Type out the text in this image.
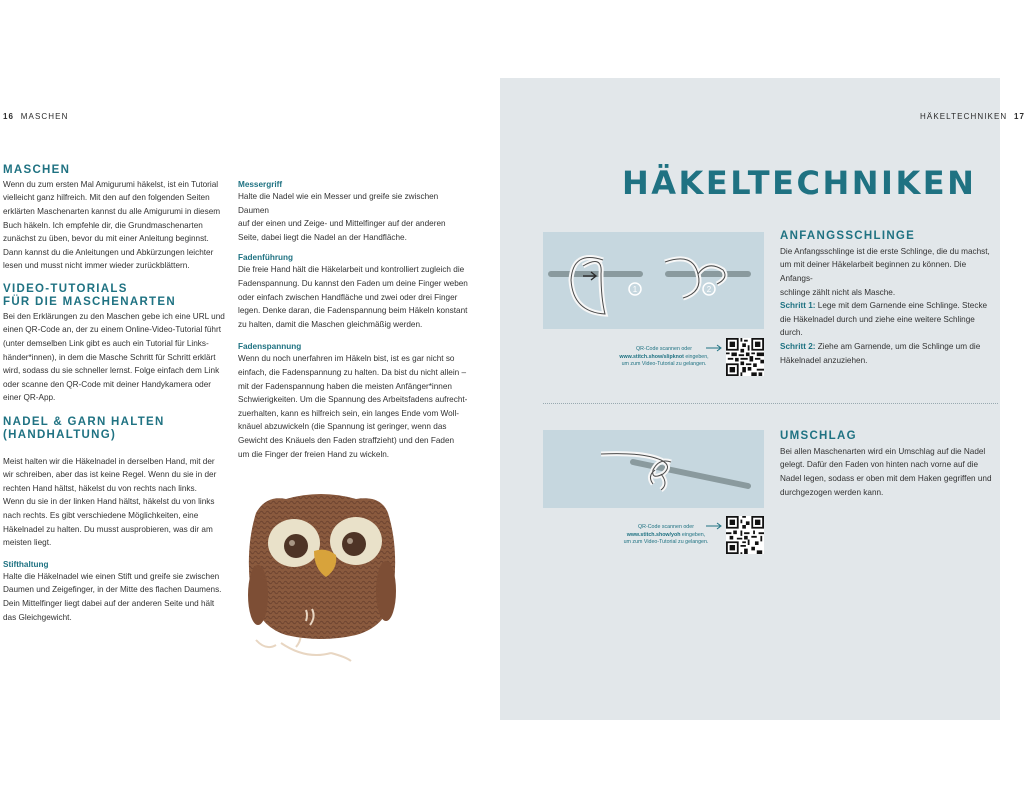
16 MASCHEN	HÄKELTECHNIKEN 17
MASCHEN
Wenn du zum ersten Mal Amigurumi häkelst, ist ein Tutorial
vielleicht ganz hilfreich. Mit den auf den folgenden Seiten
erklärten Maschenarten kannst du alle Amigurumi in diesem
Buch häkeln. Ich empfehle dir, die Grundmaschenarten
zunächst zu üben, bevor du mit einer Anleitung beginnst.
Dann kannst du die Anleitungen und Abkürzungen leichter
lesen und musst nicht immer wieder zurückblättern.
VIDEO-TUTORIALS
FÜR DIE MASCHENARTEN
Bei den Erklärungen zu den Maschen gebe ich eine URL und
einen QR-Code an, der zu einem Online-Video-Tutorial führt
(unter demselben Link gibt es auch ein Tutorial für Links-
händer*innen), in dem die Masche Schritt für Schritt erklärt
wird, sodass du sie schneller lernst. Folge einfach dem Link
oder scanne den QR-Code mit deiner Handykamera oder
einer QR-App.
NADEL & GARN HALTEN
(HANDHALTUNG)
Meist halten wir die Häkelnadel in derselben Hand, mit der
wir schreiben, aber das ist keine Regel. Wenn du sie in der
rechten Hand hältst, häkelst du von rechts nach links.
Wenn du sie in der linken Hand hältst, häkelst du von links
nach rechts. Es gibt verschiedene Möglichkeiten, eine
Häkelnadel zu halten. Du musst ausprobieren, was dir am
meisten liegt.
Stifthaltung
Halte die Häkelnadel wie einen Stift und greife sie zwischen
Daumen und Zeigefinger, in der Mitte des flachen Daumens.
Dein Mittelfinger liegt dabei auf der anderen Seite und hält
das Gleichgewicht.
Messergriff
Halte die Nadel wie ein Messer und greife sie zwischen Daumen
auf der einen und Zeige- und Mittelfinger auf der anderen
Seite, dabei liegt die Nadel an der Handfläche.
Fadenführung
Die freie Hand hält die Häkelarbeit und kontrolliert zugleich die
Fadenspannung. Du kannst den Faden um deine Finger weben
oder einfach zwischen Handfläche und zwei oder drei Finger
legen. Denke daran, die Fadenspannung beim Häkeln konstant
zu halten, damit die Maschen gleichmäßig werden.
Fadenspannung
Wenn du noch unerfahren im Häkeln bist, ist es gar nicht so
einfach, die Fadenspannung zu halten. Da bist du nicht allein –
mit der Fadenspannung haben die meisten Anfänger*innen
Schwierigkeiten. Um die Spannung des Arbeitsfadens aufrecht-
zuerhalten, kann es hilfreich sein, ein langes Ende vom Woll-
knäuel abzuwickeln (die Spannung ist geringer, wenn das
Gewicht des Knäuels den Faden straffzieht) und den Faden
um die Finger der freien Hand zu wickeln.
HÄKELTECHNIKEN
1	2
QR-Code scannen oder
www.stitch.show/slipknot eingeben,
um zum Video-Tutorial zu gelangen.
ANFANGSSCHLINGE
Die Anfangsschlinge ist die erste Schlinge, die du machst,
um mit deiner Häkelarbeit beginnen zu können. Die Anfangs-
schlinge zählt nicht als Masche.
Schritt 1: Lege mit dem Garnende eine Schlinge. Stecke
die Häkelnadel durch und ziehe eine weitere Schlinge durch.
Schritt 2: Ziehe am Garnende, um die Schlinge um die
Häkelnadel anzuziehen.
QR-Code scannen oder
www.stitch.show/yoh eingeben,
um zum Video-Tutorial zu gelangen.
UMSCHLAG
Bei allen Maschenarten wird ein Umschlag auf die Nadel
gelegt. Dafür den Faden von hinten nach vorne auf die
Nadel legen, sodass er oben mit dem Haken gegriffen und
durchgezogen werden kann.
